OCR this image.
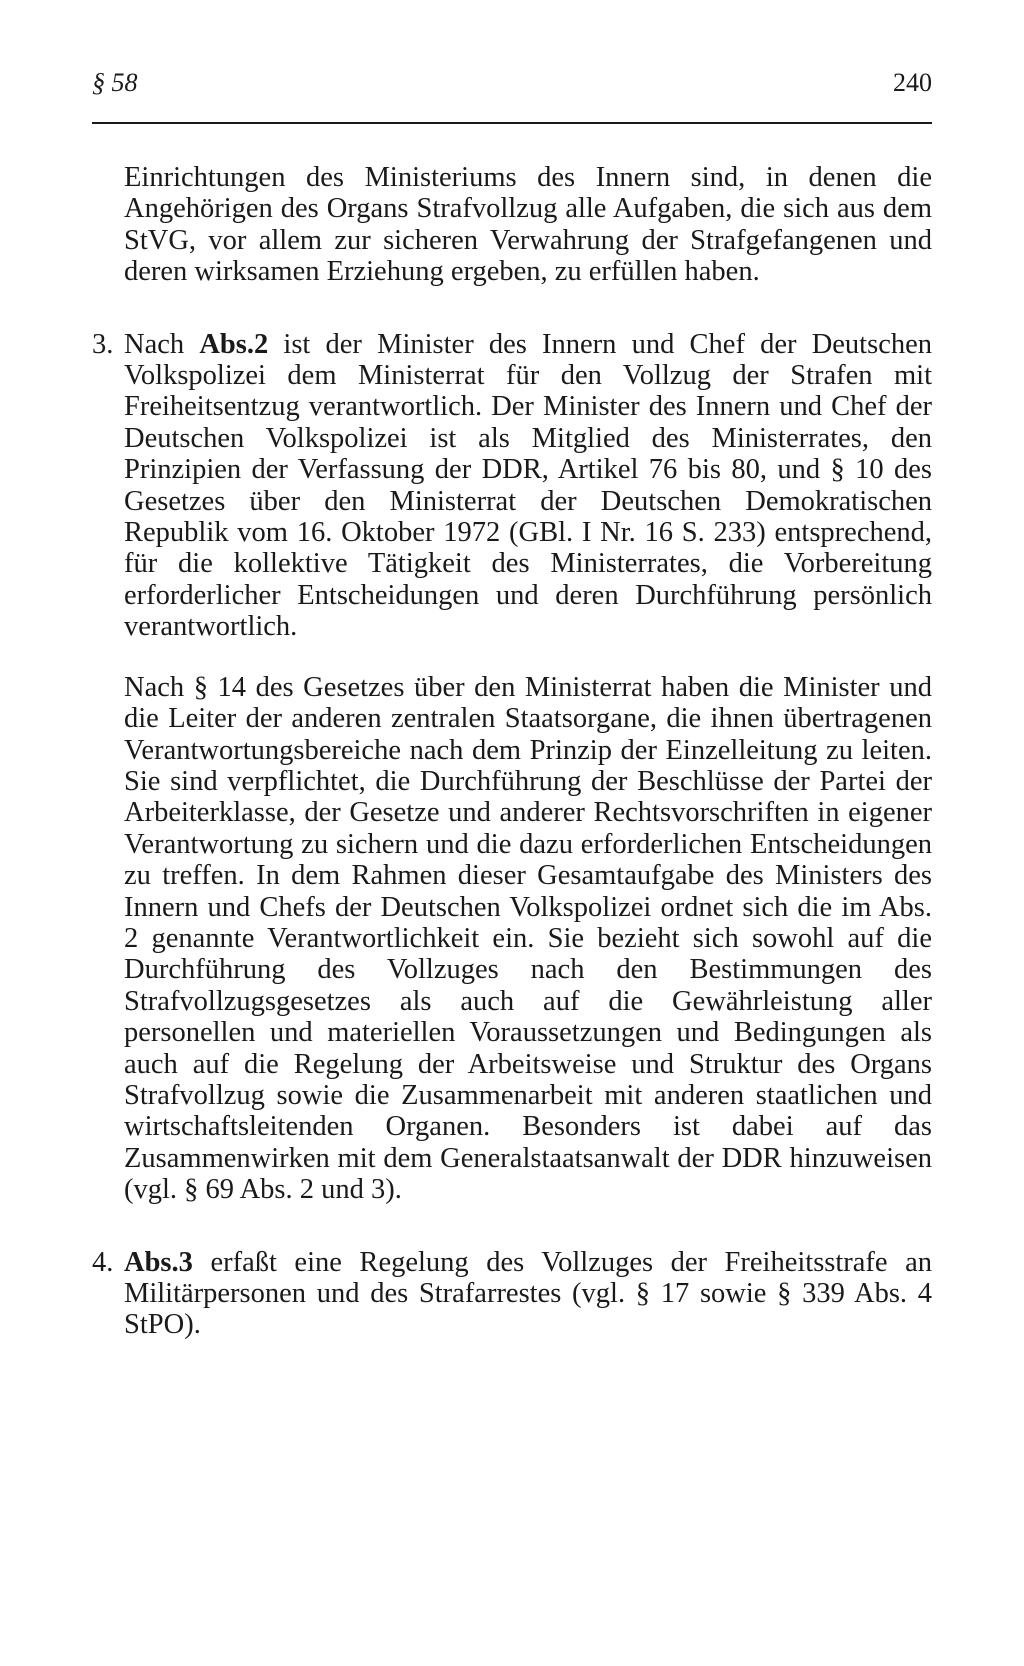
§ 58	240

Einrichtungen des Ministeriums des Innern sind, in denen die Angehörigen des Organs Strafvollzug alle Aufgaben, die sich aus dem StVG, vor allem zur sicheren Verwahrung der Strafgefangenen und deren wirksamen Erziehung ergeben, zu erfüllen haben.

3. Nach Abs.2 ist der Minister des Innern und Chef der Deutschen Volkspolizei dem Ministerrat für den Vollzug der Strafen mit Freiheitsentzug verantwortlich. Der Minister des Innern und Chef der Deutschen Volkspolizei ist als Mitglied des Ministerrates, den Prinzipien der Verfassung der DDR, Artikel 76 bis 80, und § 10 des Gesetzes über den Ministerrat der Deutschen Demokratischen Republik vom 16. Oktober 1972 (GBl. I Nr. 16 S. 233) entsprechend, für die kollektive Tätigkeit des Ministerrates, die Vorbereitung erforderlicher Entscheidungen und deren Durchführung persönlich verantwortlich.

Nach § 14 des Gesetzes über den Ministerrat haben die Minister und die Leiter der anderen zentralen Staatsorgane, die ihnen übertragenen Verantwortungsbereiche nach dem Prinzip der Einzelleitung zu leiten. Sie sind verpflichtet, die Durchführung der Beschlüsse der Partei der Arbeiterklasse, der Gesetze und anderer Rechtsvorschriften in eigener Verantwortung zu sichern und die dazu erforderlichen Entscheidungen zu treffen. In dem Rahmen dieser Gesamtaufgabe des Ministers des Innern und Chefs der Deutschen Volkspolizei ordnet sich die im Abs. 2 genannte Verantwortlichkeit ein. Sie bezieht sich sowohl auf die Durchführung des Vollzuges nach den Bestimmungen des Strafvollzugsgesetzes als auch auf die Gewährleistung aller personellen und materiellen Voraussetzungen und Bedingungen als auch auf die Regelung der Arbeitsweise und Struktur des Organs Strafvollzug sowie die Zusammenarbeit mit anderen staatlichen und wirtschaftsleitenden Organen. Besonders ist dabei auf das Zusammenwirken mit dem Generalstaatsanwalt der DDR hinzuweisen (vgl. § 69 Abs. 2 und 3).

4. Abs.3 erfaßt eine Regelung des Vollzuges der Freiheitsstrafe an Militärpersonen und des Strafarrestes (vgl. § 17 sowie § 339 Abs. 4 StPO).
